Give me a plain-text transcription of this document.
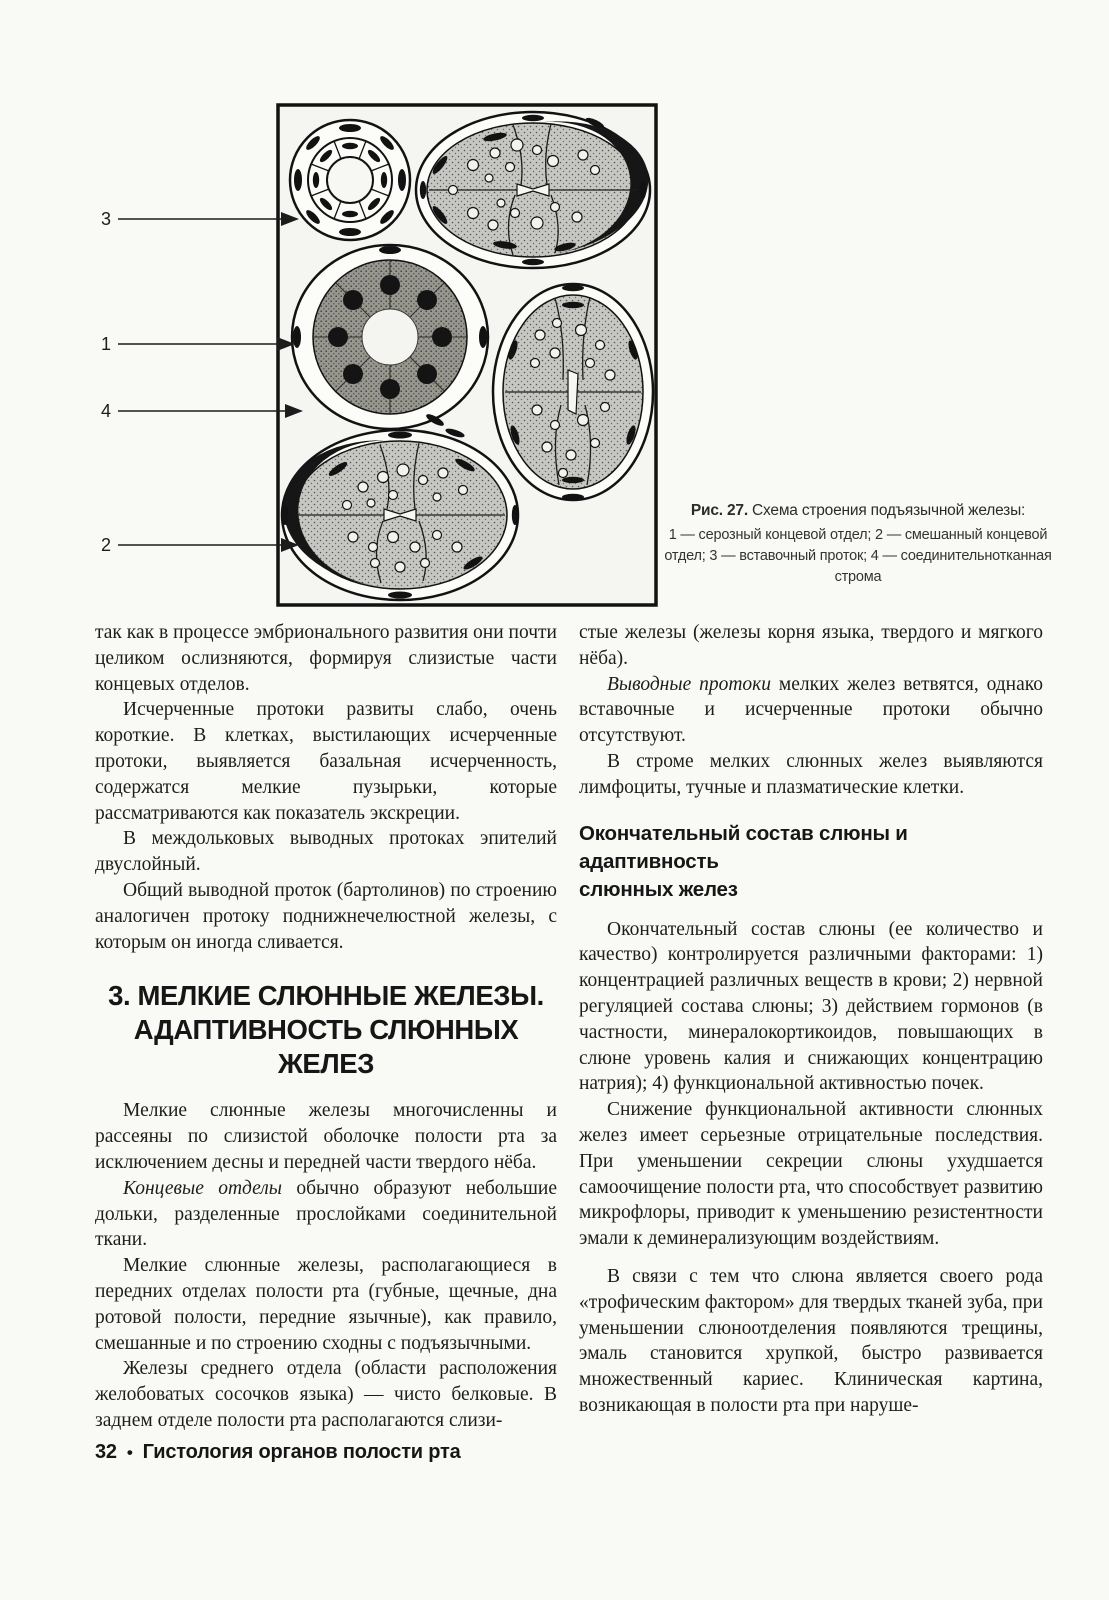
3
1
4
2
Рис. 27. Схема строения подъязычной железы:
1 — серозный концевой отдел; 2 — смешанный концевой отдел; 3 — вставочный проток; 4 — соединительнотканная строма

так как в процессе эмбрионального развития они почти целиком ослизняются, формируя слизистые части концевых отделов.

Исчерченные протоки развиты слабо, очень короткие. В клетках, выстилающих исчерченные протоки, выявляется базальная исчерченность, содержатся мелкие пузырьки, которые рассматриваются как показатель экскреции.

В междольковых выводных протоках эпителий двуслойный.

Общий выводной проток (бартолинов) по строению аналогичен протоку поднижнечелюстной железы, с которым он иногда сливается.

3. МЕЛКИЕ СЛЮННЫЕ ЖЕЛЕЗЫ.
АДАПТИВНОСТЬ СЛЮННЫХ ЖЕЛЕЗ

Мелкие слюнные железы многочисленны и рассеяны по слизистой оболочке полости рта за исключением десны и передней части твердого нёба.

Концевые отделы обычно образуют небольшие дольки, разделенные прослойками соединительной ткани.

Мелкие слюнные железы, располагающиеся в передних отделах полости рта (губные, щечные, дна ротовой полости, передние язычные), как правило, смешанные и по строению сходны с подъязычными.

Железы среднего отдела (области расположения желобоватых сосочков языка) — чисто белковые. В заднем отделе полости рта располагаются слизи-

стые железы (железы корня языка, твердого и мягкого нёба).

Выводные протоки мелких желез ветвятся, однако вставочные и исчерченные протоки обычно отсутствуют.

В строме мелких слюнных желез выявляются лимфоциты, тучные и плазматические клетки.

Окончательный состав слюны и адаптивность
слюнных желез

Окончательный состав слюны (ее количество и качество) контролируется различными факторами: 1) концентрацией различных веществ в крови; 2) нервной регуляцией состава слюны; 3) действием гормонов (в частности, минералокортикоидов, повышающих в слюне уровень калия и снижающих концентрацию натрия); 4) функциональной активностью почек.

Снижение функциональной активности слюнных желез имеет серьезные отрицательные последствия. При уменьшении секреции слюны ухудшается самоочищение полости рта, что способствует развитию микрофлоры, приводит к уменьшению резистентности эмали к деминерализующим воздействиям.

В связи с тем что слюна является своего рода «трофическим фактором» для твердых тканей зуба, при уменьшении слюноотделения появляются трещины, эмаль становится хрупкой, быстро развивается множественный кариес. Клиническая картина, возникающая в полости рта при наруше-

32 • Гистология органов полости рта
